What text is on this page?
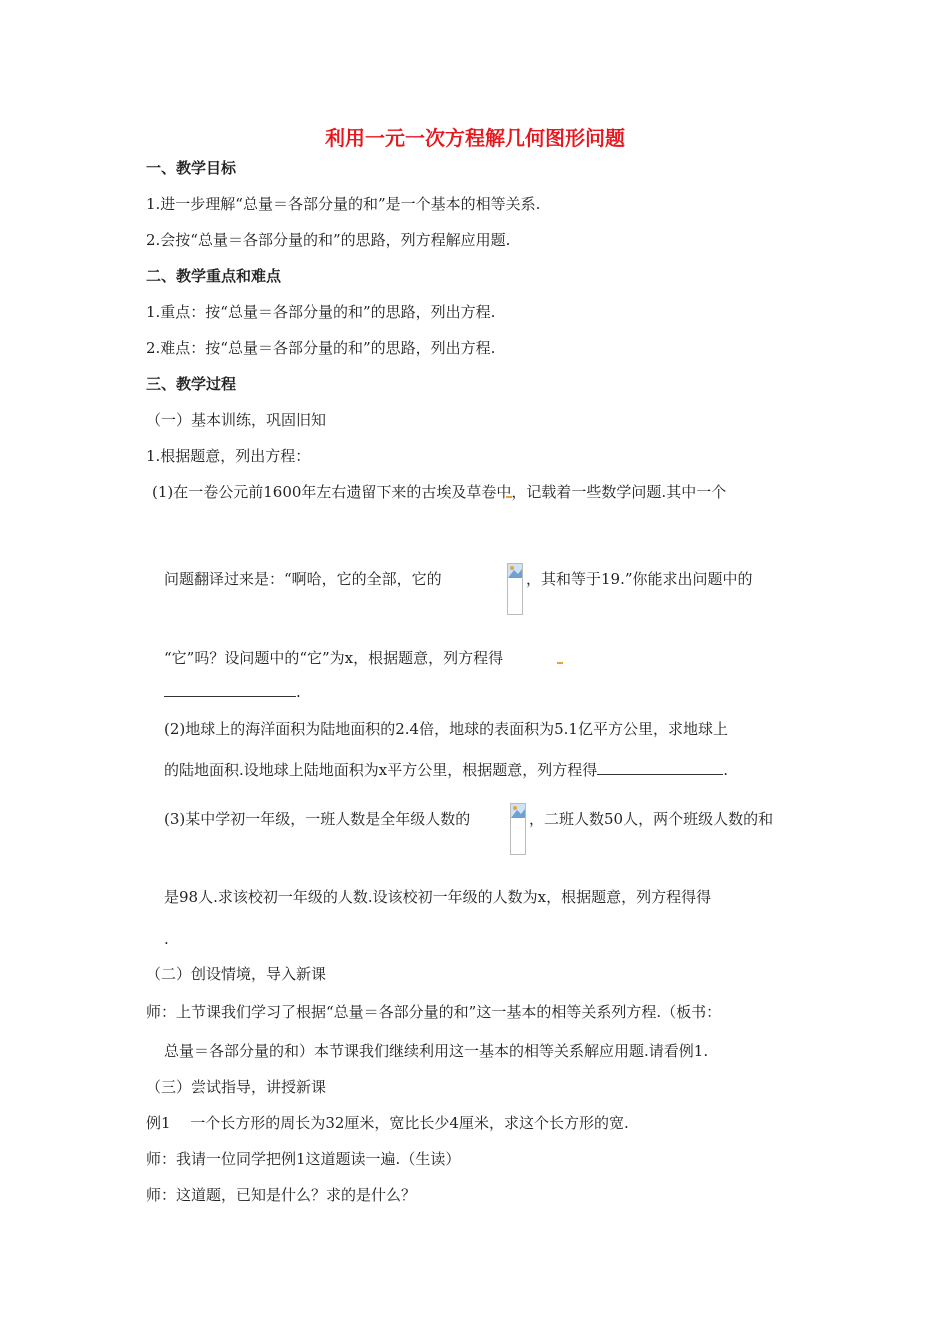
利用一元一次方程解几何图形问题
一、教学目标
1.进一步理解“总量＝各部分量的和”是一个基本的相等关系.
2.会按“总量＝各部分量的和”的思路，列方程解应用题.
二、教学重点和难点
1.重点：按“总量＝各部分量的和”的思路，列出方程.
2.难点：按“总量＝各部分量的和”的思路，列出方程.
三、教学过程
（一）基本训练，巩固旧知
1.根据题意，列出方程：
(1)在一卷公元前1600年左右遗留下来的古埃及草卷中，记载着一些数学问题.其中一个
问题翻译过来是：“啊哈，它的全部，它的	，其和等于19.”你能求出问题中的
“它”吗？设问题中的“它”为x，根据题意，列方程得
.
(2)地球上的海洋面积为陆地面积的2.4倍，地球的表面积为5.1亿平方公里，求地球上
的陆地面积.设地球上陆地面积为x平方公里，根据题意，列方程得	.
(3)某中学初一年级，一班人数是全年级人数的	，二班人数50人，两个班级人数的和
是98人.求该校初一年级的人数.设该校初一年级的人数为x，根据题意，列方程得得
.
（二）创设情境，导入新课
师：上节课我们学习了根据“总量＝各部分量的和”这一基本的相等关系列方程.（板书：
总量＝各部分量的和）本节课我们继续利用这一基本的相等关系解应用题.请看例1.
（三）尝试指导，讲授新课
例1　 一个长方形的周长为32厘米，宽比长少4厘米，求这个长方形的宽.
师：我请一位同学把例1这道题读一遍.（生读）
师：这道题，已知是什么？求的是什么？
